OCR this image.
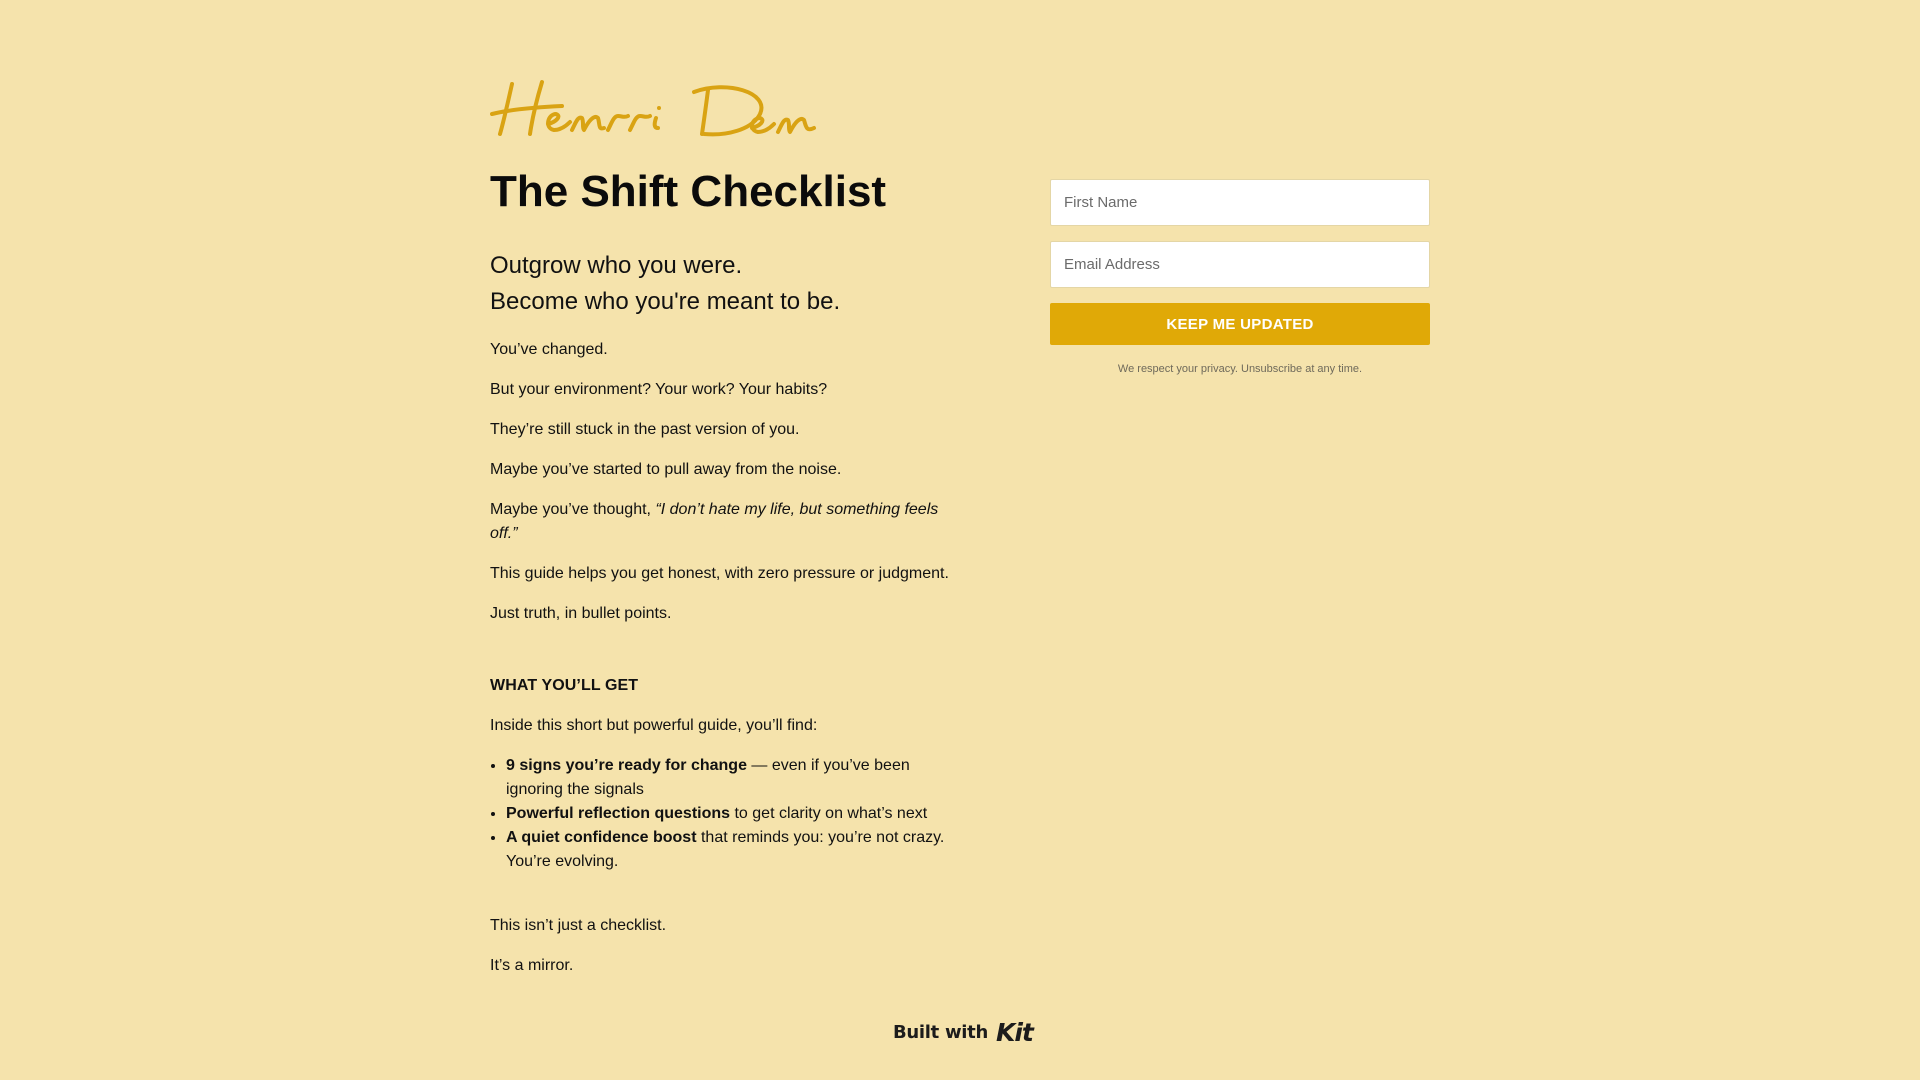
The Shift Checklist
Outgrow who you were.
Become who you're meant to be.

You’ve changed.

But your environment? Your work? Your habits?

They’re still stuck in the past version of you.

Maybe you’ve started to pull away from the noise.

Maybe you’ve thought, “I don’t hate my life, but something feels off.”

This guide helps you get honest, with zero pressure or judgment.

Just truth, in bullet points.

WHAT YOU’LL GET

Inside this short but powerful guide, you’ll find:

• 9 signs you’re ready for change — even if you’ve been ignoring the signals
• Powerful reflection questions to get clarity on what’s next
• A quiet confidence boost that reminds you: you’re not crazy. You’re evolving.

This isn’t just a checklist.

It’s a mirror.

First Name
Email Address
KEEP ME UPDATED
We respect your privacy. Unsubscribe at any time.
Built with Kit
